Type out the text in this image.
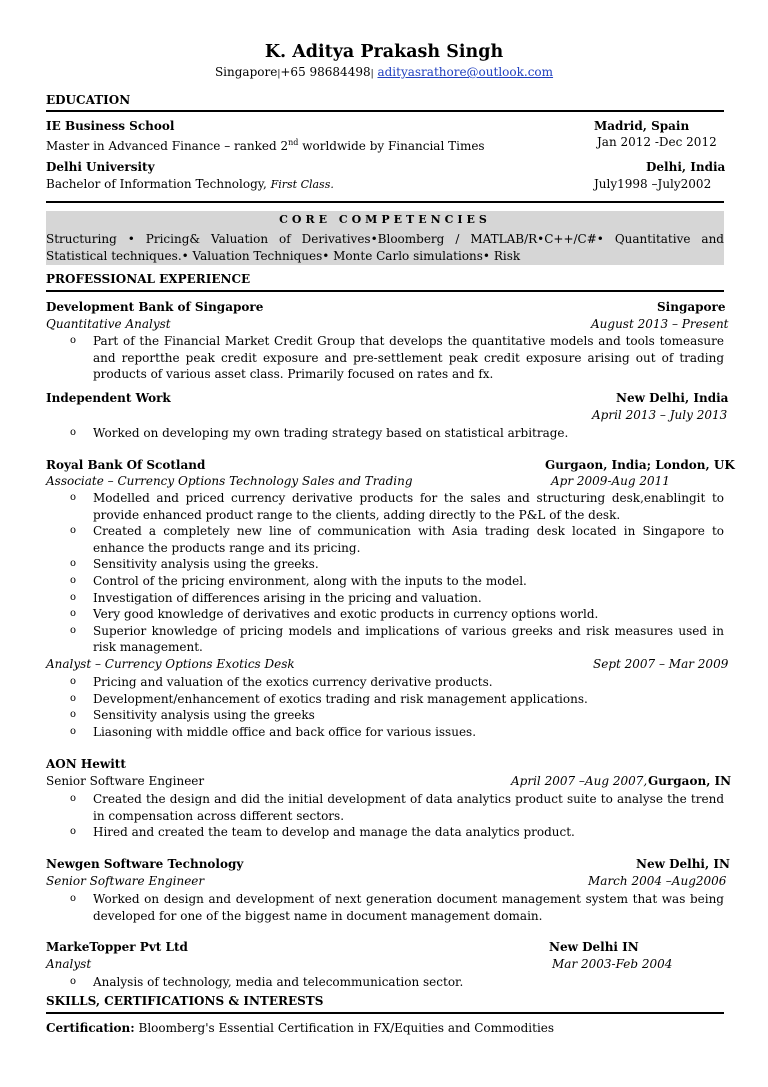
K. Aditya Prakash Singh
Singapore|+65 98684498| adityasrathore@outlook.com
EDUCATION
IE Business School	Madrid, Spain
Master in Advanced Finance – ranked 2nd worldwide by Financial Times	Jan 2012 -Dec 2012
Delhi University	Delhi, India
Bachelor of Information Technology, First Class.	July1998 –July2002
CORE COMPETENCIES
Structuring • Pricing& Valuation of Derivatives•Bloomberg / MATLAB/R•C++/C#• Quantitative and Statistical techniques.• Valuation Techniques• Monte Carlo simulations• Risk
PROFESSIONAL EXPERIENCE
Development Bank of Singapore	Singapore
Quantitative Analyst	August 2013 – Present
o Part of the Financial Market Credit Group that develops the quantitative models and tools tomeasure and reportthe peak credit exposure and pre-settlement peak credit exposure arising out of trading products of various asset class. Primarily focused on rates and fx.
Independent Work	New Delhi, India
April 2013 – July 2013
o Worked on developing my own trading strategy based on statistical arbitrage.
Royal Bank Of Scotland	Gurgaon, India; London, UK
Associate – Currency Options Technology Sales and Trading	Apr 2009-Aug 2011
o Modelled and priced currency derivative products for the sales and structuring desk,enablingit to provide enhanced product range to the clients, adding directly to the P&L of the desk.
o Created a completely new line of communication with Asia trading desk located in Singapore to enhance the products range and its pricing.
o Sensitivity analysis using the greeks.
o Control of the pricing environment, along with the inputs to the model.
o Investigation of differences arising in the pricing and valuation.
o Very good knowledge of derivatives and exotic products in currency options world.
o Superior knowledge of pricing models and implications of various greeks and risk measures used in risk management.
Analyst – Currency Options Exotics Desk	Sept 2007 – Mar 2009
o Pricing and valuation of the exotics currency derivative products.
o Development/enhancement of exotics trading and risk management applications.
o Sensitivity analysis using the greeks
o Liasoning with middle office and back office for various issues.
AON Hewitt
Senior Software Engineer	April 2007 –Aug 2007, Gurgaon, IN
o Created the design and did the initial development of data analytics product suite to analyse the trend in compensation across different sectors.
o Hired and created the team to develop and manage the data analytics product.
Newgen Software Technology	New Delhi, IN
Senior Software Engineer	March 2004 –Aug2006
o Worked on design and development of next generation document management system that was being developed for one of the biggest name in document management domain.
MarkeTopper Pvt Ltd	New Delhi IN
Analyst	Mar 2003-Feb 2004
o Analysis of technology, media and telecommunication sector.
SKILLS, CERTIFICATIONS & INTERESTS
Certification: Bloomberg's Essential Certification in FX/Equities and Commodities
